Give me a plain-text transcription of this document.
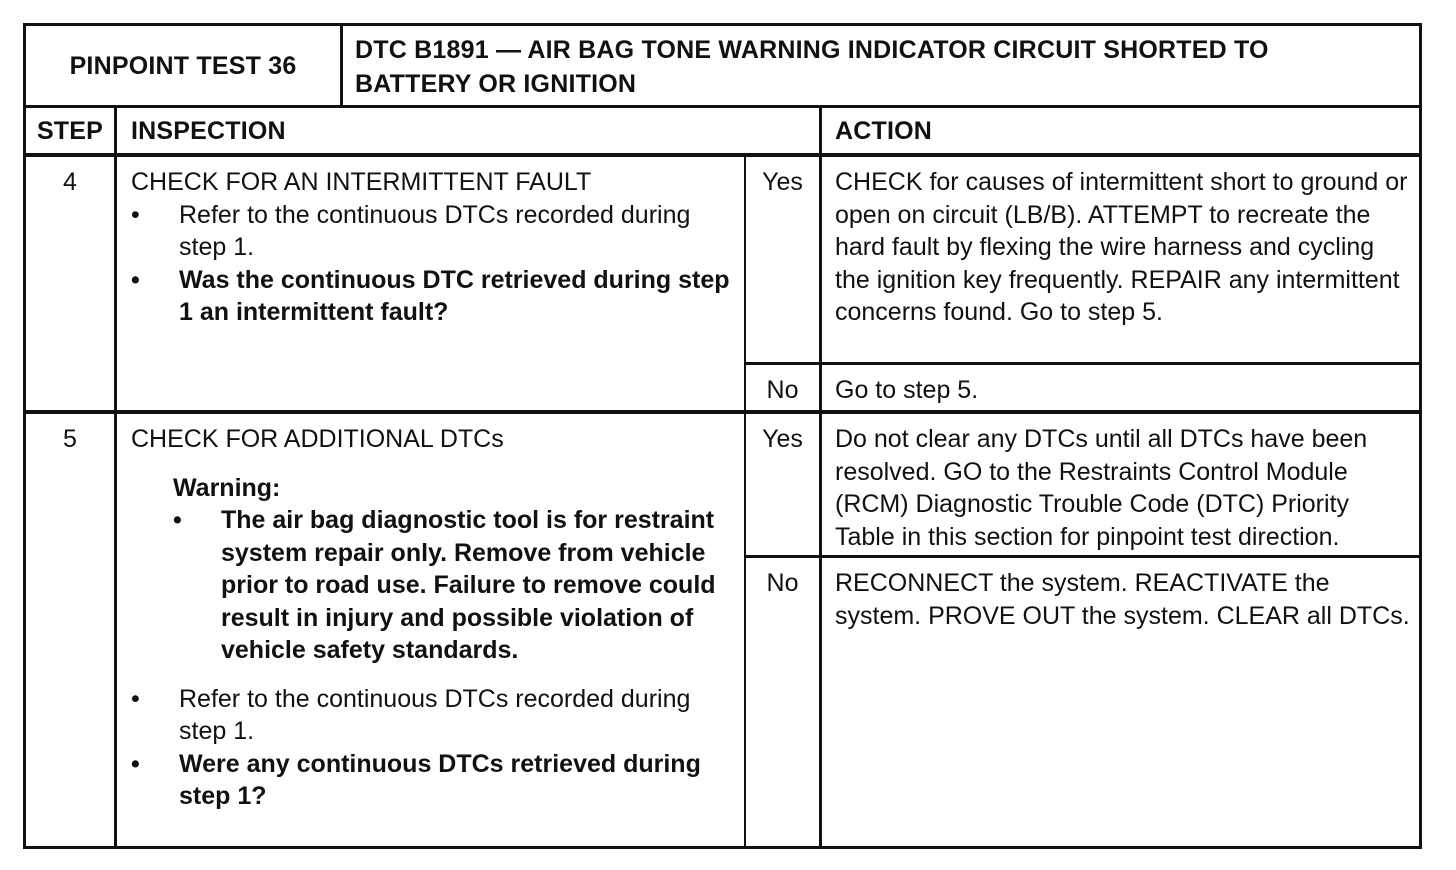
PINPOINT TEST 36
DTC B1891 — AIR BAG TONE WARNING INDICATOR CIRCUIT SHORTED TO
BATTERY OR IGNITION
STEP	INSPECTION	ACTION
4	CHECK FOR AN INTERMITTENT FAULT
• Refer to the continuous DTCs recorded during step 1.
• Was the continuous DTC retrieved during step 1 an intermittent fault?
Yes	CHECK for causes of intermittent short to ground or open on circuit (LB/B). ATTEMPT to recreate the hard fault by flexing the wire harness and cycling the ignition key frequently. REPAIR any intermittent concerns found. Go to step 5.
No	Go to step 5.
5	CHECK FOR ADDITIONAL DTCs
Warning:
• The air bag diagnostic tool is for restraint system repair only. Remove from vehicle prior to road use. Failure to remove could result in injury and possible violation of vehicle safety standards.
• Refer to the continuous DTCs recorded during step 1.
• Were any continuous DTCs retrieved during step 1?
Yes	Do not clear any DTCs until all DTCs have been resolved. GO to the Restraints Control Module (RCM) Diagnostic Trouble Code (DTC) Priority Table in this section for pinpoint test direction.
No	RECONNECT the system. REACTIVATE the system. PROVE OUT the system. CLEAR all DTCs.
